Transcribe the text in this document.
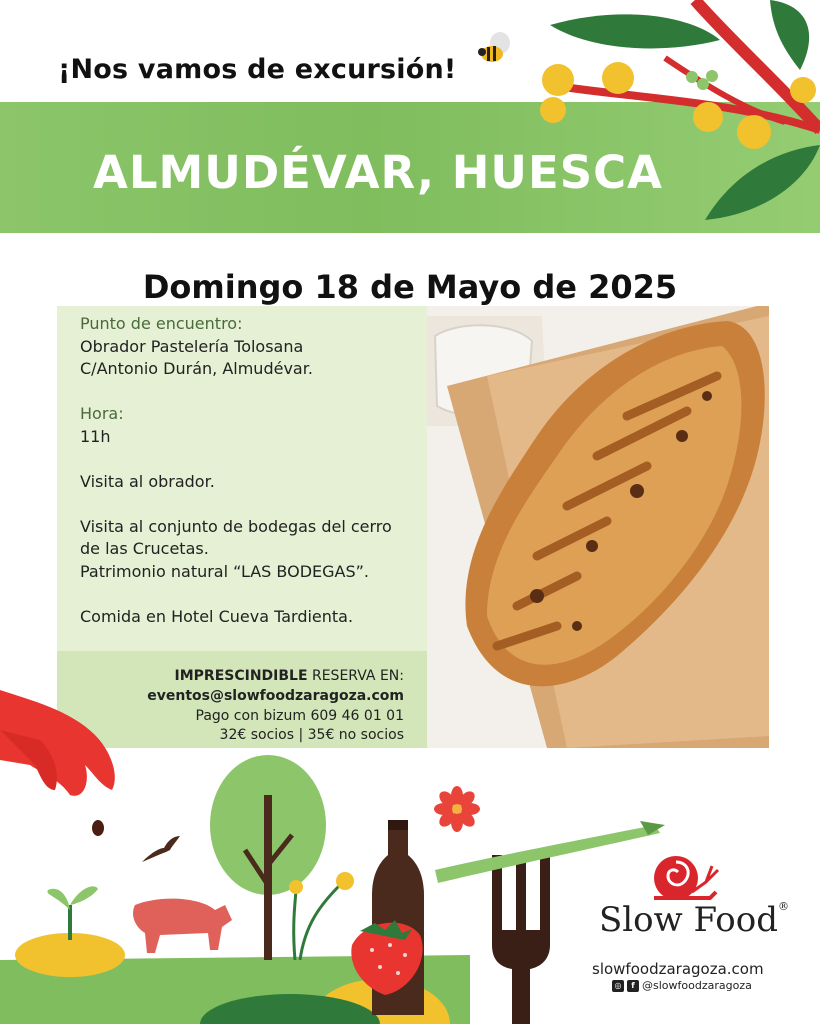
¡Nos vamos de excursión!
ALMUDÉVAR, HUESCA
Domingo 18 de Mayo de 2025
Punto de encuentro:
Obrador Pastelería Tolosana
C/Antonio Durán, Almudévar.
Hora:
11h
Visita al obrador.
Visita al conjunto de bodegas del cerro
de las Crucetas.
Patrimonio natural “LAS BODEGAS”.
Comida en Hotel Cueva Tardienta.
IMPRESCINDIBLE RESERVA EN:
eventos@slowfoodzaragoza.com
Pago con bizum 609 46 01 01
32€ socios | 35€ no socios
Slow Food®
slowfoodzaragoza.com
◎	f @slowfoodzaragoza
